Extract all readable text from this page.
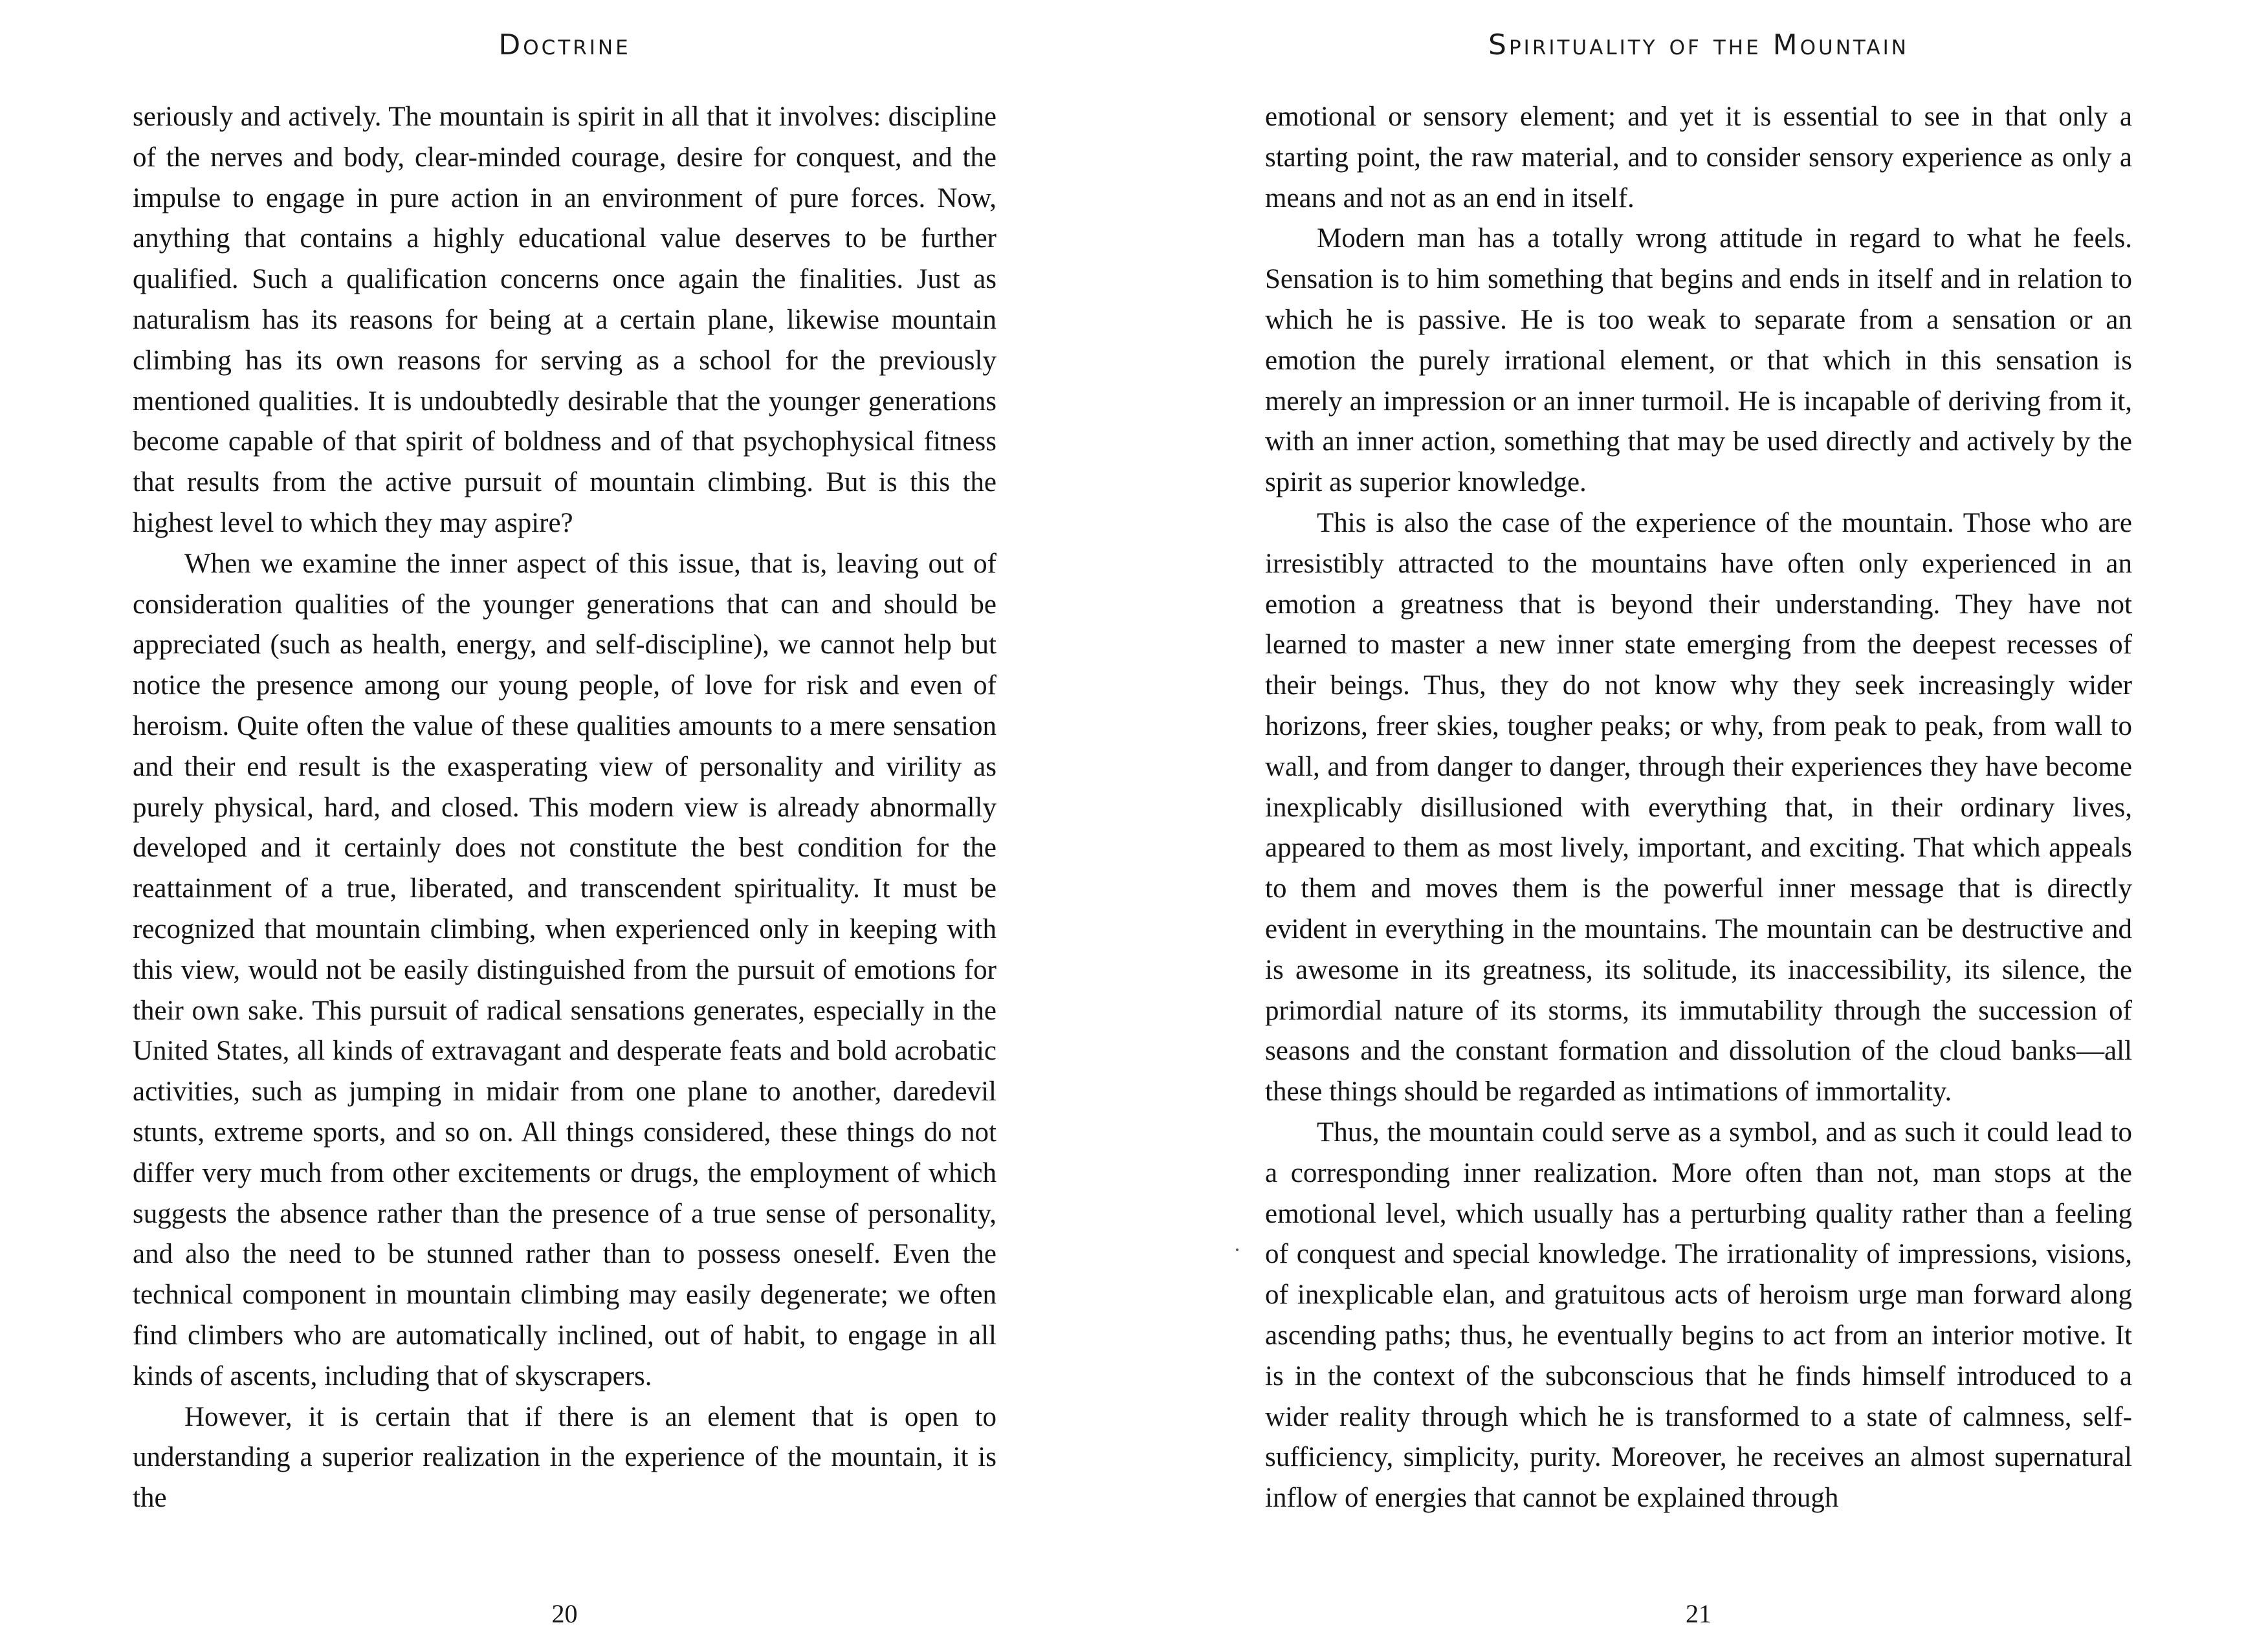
Doctrine

seriously and actively. The mountain is spirit in all that it involves: discipline of the nerves and body, clear-minded courage, desire for conquest, and the impulse to engage in pure action in an environment of pure forces. Now, anything that contains a highly educational value deserves to be further qualified. Such a qualification concerns once again the finalities. Just as naturalism has its reasons for being at a certain plane, likewise mountain climbing has its own reasons for serving as a school for the previously mentioned qualities. It is undoubtedly desirable that the younger generations become capable of that spirit of boldness and of that psychophysical fitness that results from the active pursuit of mountain climbing. But is this the highest level to which they may aspire?

When we examine the inner aspect of this issue, that is, leaving out of consideration qualities of the younger generations that can and should be appreciated (such as health, energy, and self-discipline), we cannot help but notice the presence among our young people, of love for risk and even of heroism. Quite often the value of these qualities amounts to a mere sensation and their end result is the exasperating view of personality and virility as purely physical, hard, and closed. This modern view is already abnormally developed and it certainly does not constitute the best condition for the reattainment of a true, liberated, and transcendent spirituality. It must be recognized that mountain climbing, when experienced only in keeping with this view, would not be easily distinguished from the pursuit of emotions for their own sake. This pursuit of radical sensations generates, especially in the United States, all kinds of extravagant and desperate feats and bold acrobatic activities, such as jumping in midair from one plane to another, daredevil stunts, extreme sports, and so on. All things considered, these things do not differ very much from other excitements or drugs, the employment of which suggests the absence rather than the presence of a true sense of personality, and also the need to be stunned rather than to possess oneself. Even the technical component in mountain climbing may easily degenerate; we often find climbers who are automatically inclined, out of habit, to engage in all kinds of ascents, including that of skyscrapers.

However, it is certain that if there is an element that is open to understanding a superior realization in the experience of the mountain, it is the

20
Spirituality of the Mountain

emotional or sensory element; and yet it is essential to see in that only a starting point, the raw material, and to consider sensory experience as only a means and not as an end in itself.

Modern man has a totally wrong attitude in regard to what he feels. Sensation is to him something that begins and ends in itself and in relation to which he is passive. He is too weak to separate from a sensation or an emotion the purely irrational element, or that which in this sensation is merely an impression or an inner turmoil. He is incapable of deriving from it, with an inner action, something that may be used directly and actively by the spirit as superior knowledge.

This is also the case of the experience of the mountain. Those who are irresistibly attracted to the mountains have often only experienced in an emotion a greatness that is beyond their understanding. They have not learned to master a new inner state emerging from the deepest recesses of their beings. Thus, they do not know why they seek increasingly wider horizons, freer skies, tougher peaks; or why, from peak to peak, from wall to wall, and from danger to danger, through their experiences they have become inexplicably disillusioned with everything that, in their ordinary lives, appeared to them as most lively, important, and exciting. That which appeals to them and moves them is the powerful inner message that is directly evident in everything in the mountains. The mountain can be destructive and is awesome in its greatness, its solitude, its inaccessibility, its silence, the primordial nature of its storms, its immutability through the succession of seasons and the constant formation and dissolution of the cloud banks—all these things should be regarded as intimations of immortality.

Thus, the mountain could serve as a symbol, and as such it could lead to a corresponding inner realization. More often than not, man stops at the emotional level, which usually has a perturbing quality rather than a feeling of conquest and special knowledge. The irrationality of impressions, visions, of inexplicable elan, and gratuitous acts of heroism urge man forward along ascending paths; thus, he eventually begins to act from an interior motive. It is in the context of the subconscious that he finds himself introduced to a wider reality through which he is transformed to a state of calmness, self-sufficiency, simplicity, purity. Moreover, he receives an almost supernatural inflow of energies that cannot be explained through

21
